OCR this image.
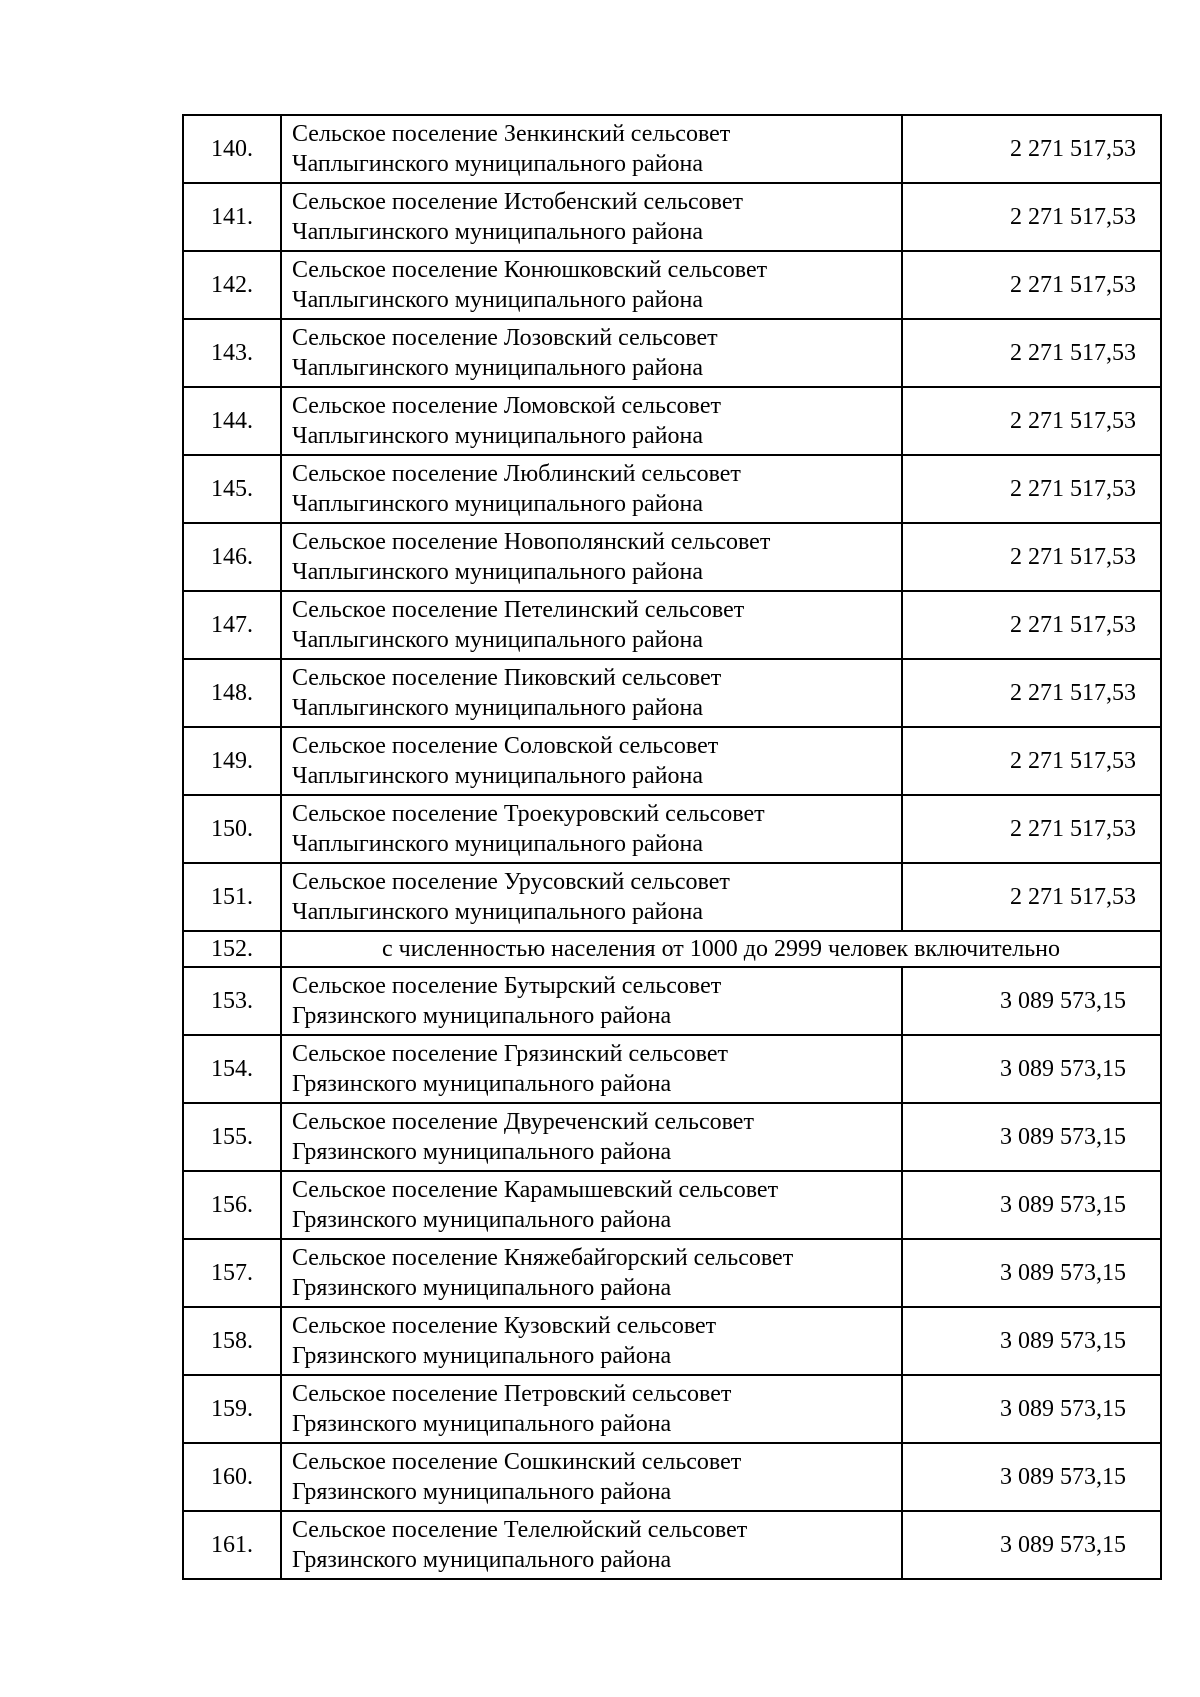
140.	Сельское поселение Зенкинский сельсовет
Чаплыгинского муниципального района	2 271 517,53
141.	Сельское поселение Истобенский сельсовет
Чаплыгинского муниципального района	2 271 517,53
142.	Сельское поселение Конюшковский сельсовет
Чаплыгинского муниципального района	2 271 517,53
143.	Сельское поселение Лозовский сельсовет
Чаплыгинского муниципального района	2 271 517,53
144.	Сельское поселение Ломовской сельсовет
Чаплыгинского муниципального района	2 271 517,53
145.	Сельское поселение Люблинский сельсовет
Чаплыгинского муниципального района	2 271 517,53
146.	Сельское поселение Новополянский сельсовет
Чаплыгинского муниципального района	2 271 517,53
147.	Сельское поселение Петелинский сельсовет
Чаплыгинского муниципального района	2 271 517,53
148.	Сельское поселение Пиковский сельсовет
Чаплыгинского муниципального района	2 271 517,53
149.	Сельское поселение Соловской сельсовет
Чаплыгинского муниципального района	2 271 517,53
150.	Сельское поселение Троекуровский сельсовет
Чаплыгинского муниципального района	2 271 517,53
151.	Сельское поселение Урусовский сельсовет
Чаплыгинского муниципального района	2 271 517,53
152.	с численностью населения от 1000 до 2999 человек включительно	
153.	Сельское поселение Бутырский сельсовет
Грязинского муниципального района	3 089 573,15
154.	Сельское поселение Грязинский сельсовет
Грязинского муниципального района	3 089 573,15
155.	Сельское поселение Двуреченский сельсовет
Грязинского муниципального района	3 089 573,15
156.	Сельское поселение Карамышевский сельсовет
Грязинского муниципального района	3 089 573,15
157.	Сельское поселение Княжебайгорский сельсовет
Грязинского муниципального района	3 089 573,15
158.	Сельское поселение Кузовский сельсовет
Грязинского муниципального района	3 089 573,15
159.	Сельское поселение Петровский сельсовет
Грязинского муниципального района	3 089 573,15
160.	Сельское поселение Сошкинский сельсовет
Грязинского муниципального района	3 089 573,15
161.	Сельское поселение Телелюйский сельсовет
Грязинского муниципального района	3 089 573,15
